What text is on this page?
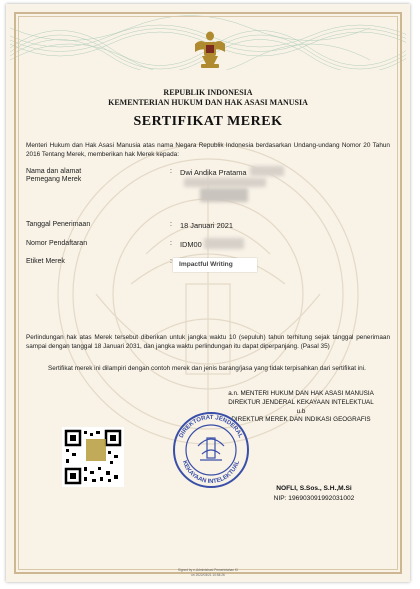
REPUBLIK INDONESIA
KEMENTERIAN HUKUM DAN HAK ASASI MANUSIA
SERTIFIKAT MEREK
Menteri Hukum dan Hak Asasi Manusia atas nama Negara Republik Indonesia berdasarkan Undang-undang Nomor 20 Tahun 2016 Tentang Merek, memberikan hak Merek kepada:
Nama dan alamat
Pemegang Merek
: Dwi Andika Pratama
Tanggal Penerimaan	: 18 Januari 2021
Nomor Pendaftaran	: IDM00
Etiket Merek	: Impactful Writing
Perlindungan hak atas Merek tersebut diberikan untuk jangka waktu 10 (sepuluh) tahun terhitung sejak tanggal penerimaan sampai dengan tanggal 18 Januari 2031, dan jangka waktu perlindungan itu dapat diperpanjang. (Pasal 35)
Sertifikat merek ini dilampiri dengan contoh merek dan jenis barang/jasa yang tidak terpisahkan dari sertifikat ini.
a.n. MENTERI HUKUM DAN HAK ASASI MANUSIA
DIREKTUR JENDERAL KEKAYAAN INTELEKTUAL
u.b
DIREKTUR MEREK DAN INDIKASI GEOGRAFIS
DIREKTORAT JENDERAL
KEKAYAAN INTELEKTUAL
NOFLI, S.Sos., S.H.,M.Si
NIP: 196903091992031002
Signed by e-Administrasi Pemerintahan KI
on 2022/03/21 10:54:26
